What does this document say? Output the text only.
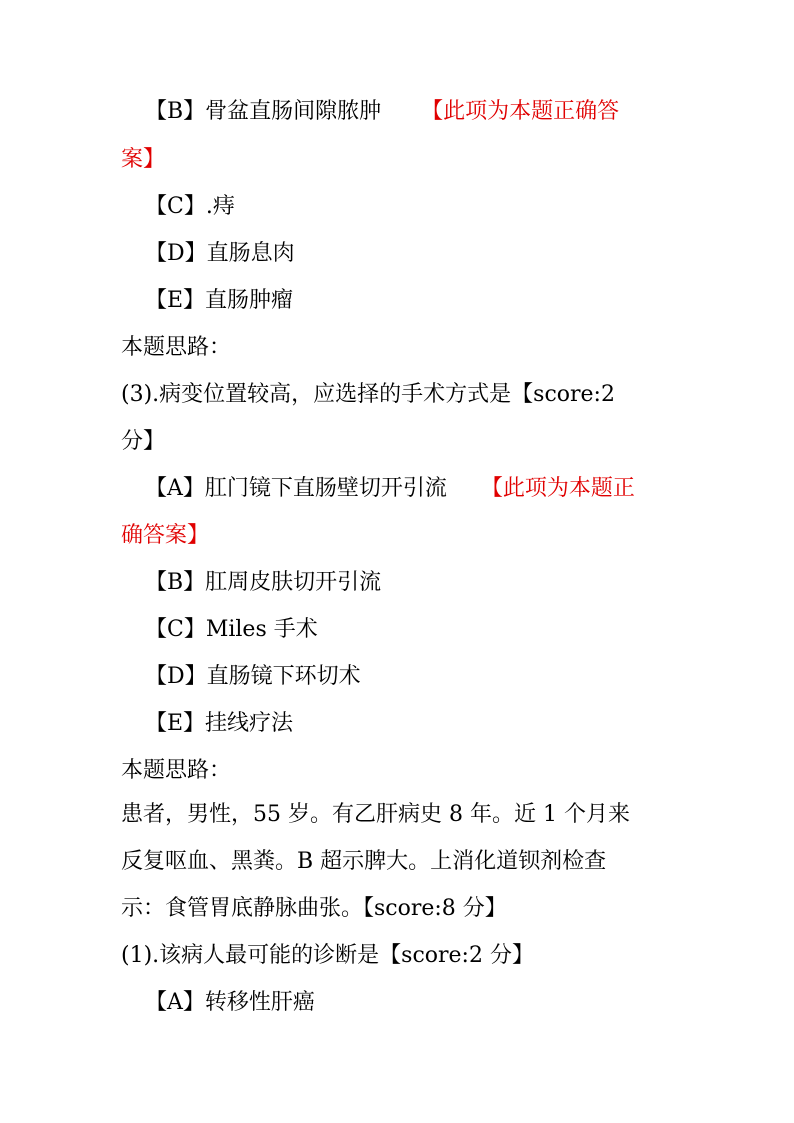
【B】骨盆直肠间隙脓肿 【此项为本题正确答
案】
【C】.痔
【D】直肠息肉
【E】直肠肿瘤
本题思路：
(3).病变位置较高，应选择的手术方式是【score:2
分】
【A】肛门镜下直肠壁切开引流 【此项为本题正
确答案】
【B】肛周皮肤切开引流
【C】Miles 手术
【D】直肠镜下环切术
【E】挂线疗法
本题思路：
患者，男性，55 岁。有乙肝病史 8 年。近 1 个月来
反复呕血、黑粪。B 超示脾大。上消化道钡剂检查
示：食管胃底静脉曲张。【score:8 分】
(1).该病人最可能的诊断是【score:2 分】
【A】转移性肝癌
